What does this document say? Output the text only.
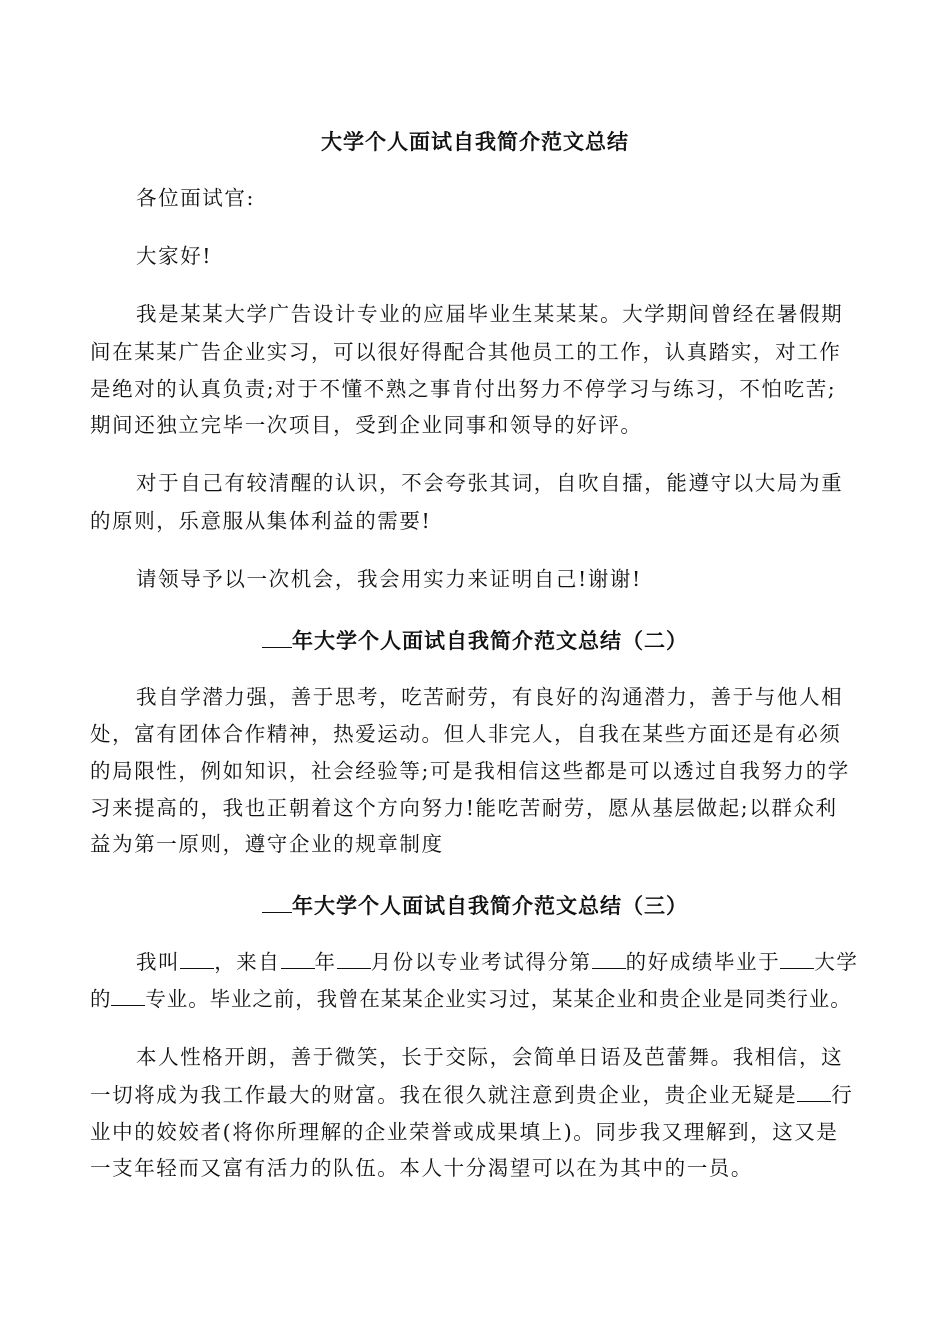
大学个人面试自我简介范文总结
各位面试官:
大家好!
我是某某大学广告设计专业的应届毕业生某某某。大学期间曾经在暑假期
间在某某广告企业实习，可以很好得配合其他员工的工作，认真踏实，对工作
是绝对的认真负责;对于不懂不熟之事肯付出努力不停学习与练习，不怕吃苦;
期间还独立完毕一次项目，受到企业同事和领导的好评。
对于自己有较清醒的认识，不会夸张其词，自吹自擂，能遵守以大局为重
的原则，乐意服从集体利益的需要!
请领导予以一次机会，我会用实力来证明自己!谢谢!
年大学个人面试自我简介范文总结（二）
我自学潜力强，善于思考，吃苦耐劳，有良好的沟通潜力，善于与他人相
处，富有团体合作精神，热爱运动。但人非完人，自我在某些方面还是有必须
的局限性，例如知识，社会经验等;可是我相信这些都是可以透过自我努力的学
习来提高的，我也正朝着这个方向努力!能吃苦耐劳，愿从基层做起;以群众利
益为第一原则，遵守企业的规章制度
年大学个人面试自我简介范文总结（三）
我叫 ，来自 年 月份以专业考试得分第 的好成绩毕业于 大学
的 专业。毕业之前，我曾在某某企业实习过，某某企业和贵企业是同类行业。
本人性格开朗，善于微笑，长于交际，会简单日语及芭蕾舞。我相信，这
一切将成为我工作最大的财富。我在很久就注意到贵企业，贵企业无疑是 行
业中的姣姣者(将你所理解的企业荣誉或成果填上)。同步我又理解到，这又是
一支年轻而又富有活力的队伍。本人十分渴望可以在为其中的一员。
